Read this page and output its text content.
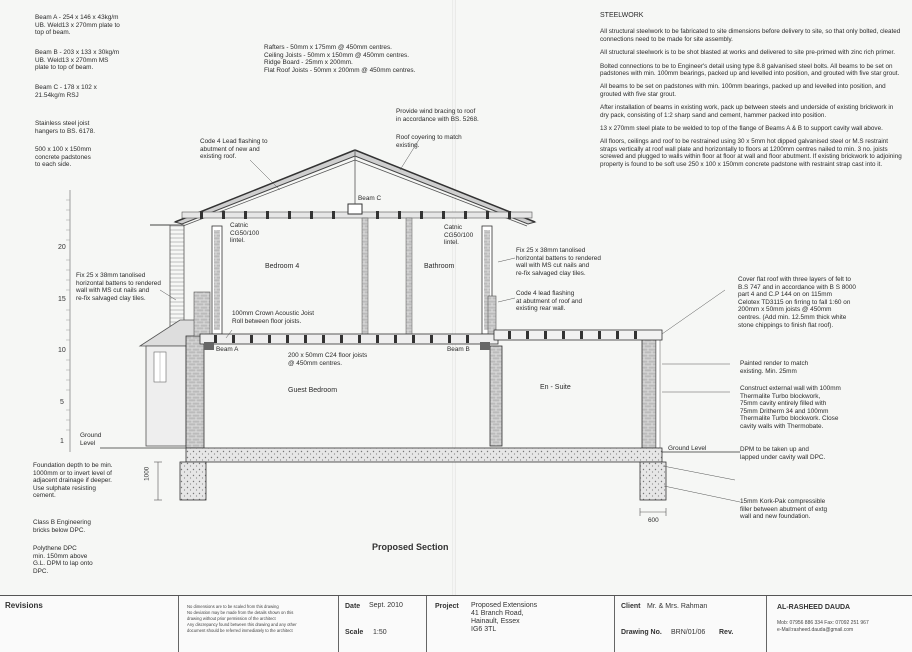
Beam A - 254 x 146 x 43kg/m
UB. Weld13 x 270mm plate to
top of beam.
Beam B - 203 x 133 x 30kg/m
UB. Weld13 x 270mm MS
plate to top of beam.
Beam C - 178 x 102 x
21.54kg/m RSJ
Stainless steel joist
hangers to BS. 6178.
500 x 100 x 150mm
concrete padstones
to each side.
Foundation depth to be min.
1000mm or to invert level of
adjacent drainage if deeper.
Use sulphate resisting
cement.
Class B Engineering
bricks below DPC.
Polythene DPC
min. 150mm above
G.L. DPM to lap onto
DPC.
20
15
10
5
1
Rafters - 50mm x 175mm @ 450mm centres.
Ceiling Joists - 50mm x 150mm @ 450mm centres.
Ridge Board - 25mm x 200mm.
Flat Roof Joists - 50mm x 200mm @ 450mm centres.
Provide wind bracing to roof
in accordance with BS. 5268.
Roof covering to match
existing.
Code 4 Lead flashing to
abutment of new and
existing roof.
Beam C
Catnic
CG50/100
lintel.
Catnic
CG50/100
lintel.
Bedroom 4	Bathroom
Fix 25 x 38mm tanolised
horizontal battens to rendered
wall with MS cut nails and
re-fix salvaged clay tiles.
Fix 25 x 38mm tanolised
horizontal battens to rendered
wall with MS cut nails and
re-fix salvaged clay tiles.
Code 4 lead flashing
at abutment of roof and
existing rear wall.
100mm Crown Acoustic Joist
Roll between floor joists.
Beam A	Beam B
200 x 50mm C24 floor joists
@ 450mm centres.
Guest Bedroom	En - Suite
Ground
Level
Ground Level
1000
600
Proposed Section

STEELWORK

All structural steelwork to be fabricated to site dimensions before delivery to site, so that only bolted, cleated connections need to be made for site assembly.

All structural steelwork is to be shot blasted at works and delivered to site pre-primed with zinc rich primer.

Bolted connections to be to Engineer's detail using type 8.8 galvanised steel bolts. All beams to be set on padstones with min. 100mm bearings, packed up and levelled into position, and grouted with five star grout.

All beams to be set on padstones with min. 100mm bearings, packed up and levelled into position, and grouted with five star grout.

After installation of beams in existing work, pack up between steels and underside of existing brickwork in dry pack, consisting of 1:2 sharp sand and cement, hammer packed into position.

13 x 270mm steel plate to be welded to top of the flange of Beams A & B to support cavity wall above.

All floors, ceilings and roof to be restrained using 30 x 5mm hot dipped galvanised steel or M.S restraint straps vertically at roof wall plate and horizontally to floors at 1200mm centres nailed to min. 3 no. joists screwed and plugged to walls within floor at floor at wall and floor abutment. If existing brickwork to adjoining property is found to be soft use 250 x 100 x 150mm concrete padstone with restraint strap cast into it.

Cover flat roof with three layers of felt to
B.S 747 and in accordance with B S 8000
part 4 and C.P 144 on on 115mm
Celotex TD3115 on firring to fall 1:60 on
200mm x 50mm joists @ 450mm
centres. (Add min. 12.5mm thick white
stone chippings to finish flat roof).
Painted render to match
existing. Min. 25mm
Construct external wall with 100mm
Thermalite Turbo blockwork,
75mm cavity entirely filled with
75mm Dritherm 34 and 100mm
Thermalite Turbo blockwork. Close
cavity walls with Thermobate.
DPM to be taken up and
lapped under cavity wall DPC.
15mm Kork-Pak compressible
filler between abutment of extg
wall and new foundation.
Revisions	No dimensions are to be scaled from this drawing
No deviation may be made from the details shown on this
drawing without prior permission of the architect
Any discrepancy found between this drawing and any other
document should be referred immediately to the architect
Date Sept. 2010
Scale 1:50
Project Proposed Extensions
41 Branch Road,
Hainault, Essex
IG6 3TL
Client Mr. & Mrs. Rahman
Drawing No. BRN/01/06 Rev.
AL-RASHEED DAUDA
Mob: 07956 886 334 Fax: 07092 251 967
e-Mail:rasheed.dauda@gmail.com
